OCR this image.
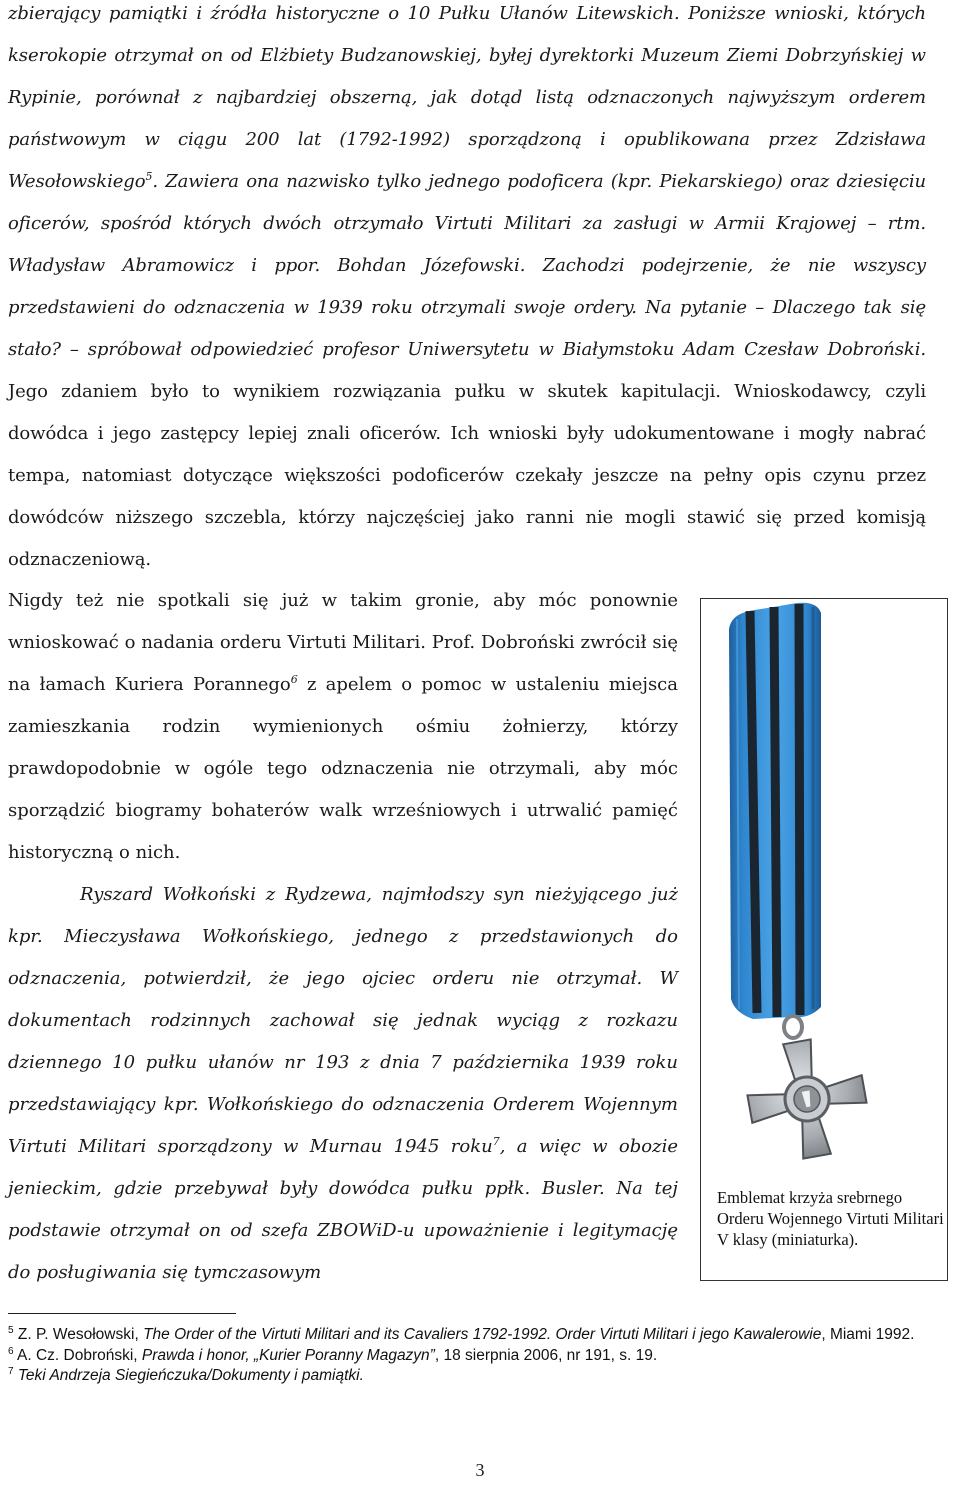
zbierający pamiątki i źródła historyczne o 10 Pułku Ułanów Litewskich. Poniższe wnioski, których kserokopie otrzymał on od Elżbiety Budzanowskiej, byłej dyrektorki Muzeum Ziemi Dobrzyńskiej w Rypinie, porównał z najbardziej obszerną, jak dotąd listą odznaczonych najwyższym orderem państwowym w ciągu 200 lat (1792-1992) sporządzoną i opublikowana przez Zdzisława Wesołowskiego$^5$. Zawiera ona nazwisko tylko jednego podoficera (kpr. Piekarskiego) oraz dziesięciu oficerów, spośród których dwóch otrzymało Virtuti Militari za zasługi w Armii Krajowej – rtm. Władysław Abramowicz i ppor. Bohdan Józefowski. Zachodzi podejrzenie, że nie wszyscy przedstawieni do odznaczenia w 1939 roku otrzymali swoje ordery. Na pytanie – Dlaczego tak się stało? – spróbował odpowiedzieć profesor Uniwersytetu w Białymstoku Adam Czesław Dobroński. Jego zdaniem było to wynikiem rozwiązania pułku w skutek kapitulacji. Wnioskodawcy, czyli dowódca i jego zastępcy lepiej znali oficerów. Ich wnioski były udokumentowane i mogły nabrać tempa, natomiast dotyczące większości podoficerów czekały jeszcze na pełny opis czynu przez dowódców niższego szczebla, którzy najczęściej jako ranni nie mogli stawić się przed komisją odznaczeniową.

Nigdy też nie spotkali się już w takim gronie, aby móc ponownie wnioskować o nadania orderu Virtuti Militari. Prof. Dobroński zwrócił się na łamach Kuriera Porannego$^6$ z apelem o pomoc w ustaleniu miejsca zamieszkania rodzin wymienionych ośmiu żołnierzy, którzy prawdopodobnie w ogóle tego odznaczenia nie otrzymali, aby móc sporządzić biogramy bohaterów walk wrześniowych i utrwalić pamięć historyczną o nich.

Ryszard Wołkoński z Rydzewa, najmłodszy syn nieżyjącego już kpr. Mieczysława Wołkońskiego, jednego z przedstawionych do odznaczenia, potwierdził, że jego ojciec orderu nie otrzymał. W dokumentach rodzinnych zachował się jednak wyciąg z rozkazu dziennego 10 pułku ułanów nr 193 z dnia 7 października 1939 roku przedstawiający kpr. Wołkońskiego do odznaczenia Orderem Wojennym Virtuti Militari sporządzony w Murnau 1945 roku$^7$, a więc w obozie jenieckim, gdzie przebywał były dowódca pułku ppłk. Busler. Na tej podstawie otrzymał on od szefa ZBOWiD-u upoważnienie i legitymację do posługiwania się tymczasowym

Emblemat krzyża srebrnego Orderu Wojennego Virtuti Militari V klasy (miniaturka).

$^5$ Z. P. Wesołowski, The Order of the Virtuti Militari and its Cavaliers 1792-1992. Order Virtuti Militari i jego Kawalerowie, Miami 1992.

$^6$ A. Cz. Dobroński, Prawda i honor, „Kurier Poranny Magazyn”, 18 sierpnia 2006, nr 191, s. 19.

$^7$ Teki Andrzeja Siegieńczuka/Dokumenty i pamiątki.

3
